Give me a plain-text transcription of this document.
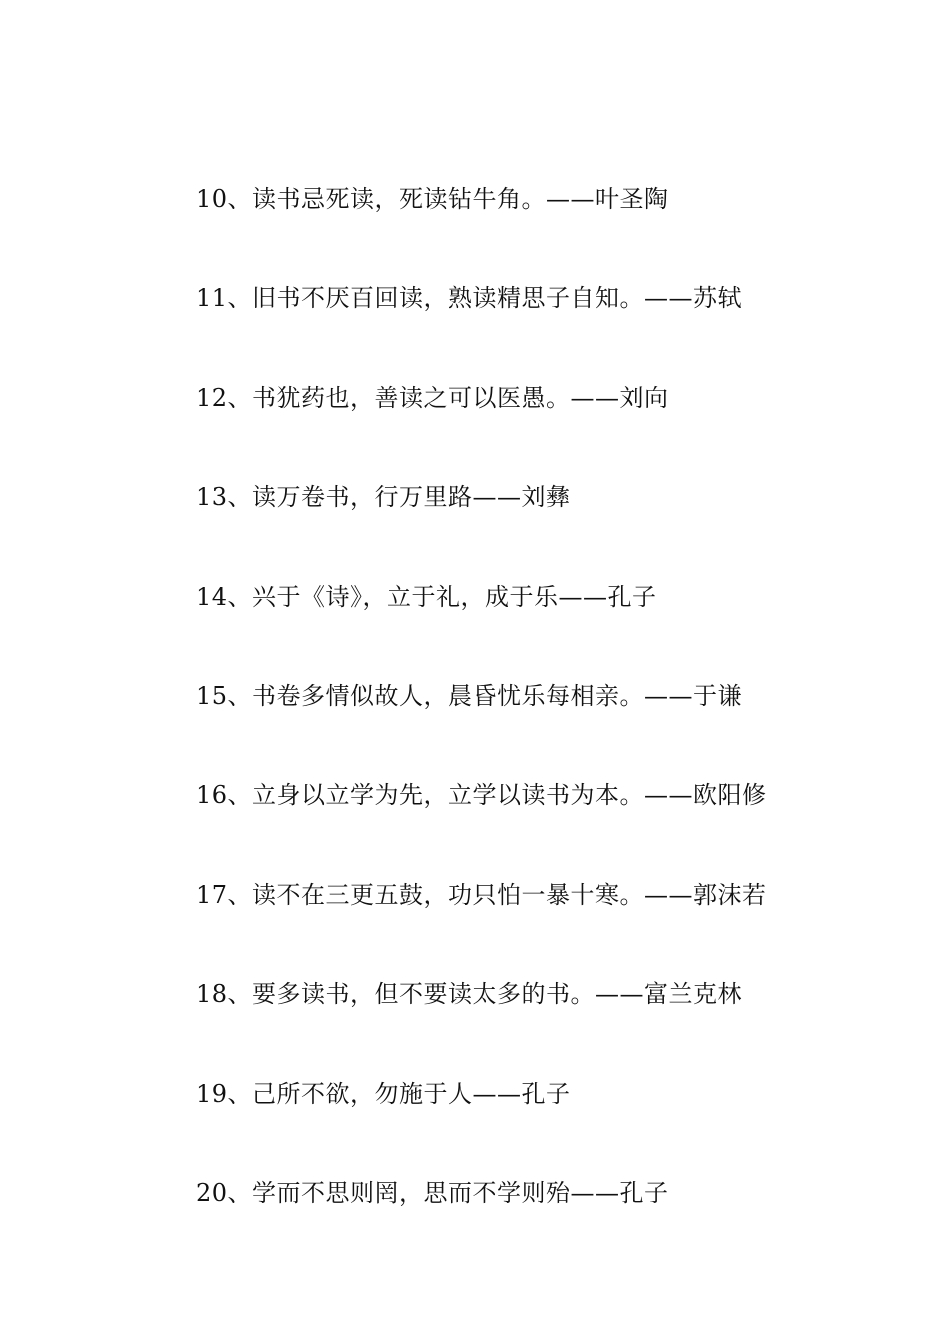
10、读书忌死读，死读钻牛角。——叶圣陶
11、旧书不厌百回读，熟读精思子自知。——苏轼
12、书犹药也，善读之可以医愚。——刘向
13、读万卷书，行万里路——刘彝
14、兴于《诗》，立于礼，成于乐——孔子
15、书卷多情似故人，晨昏忧乐每相亲。——于谦
16、立身以立学为先，立学以读书为本。——欧阳修
17、读不在三更五鼓，功只怕一暴十寒。——郭沫若
18、要多读书，但不要读太多的书。——富兰克林
19、己所不欲，勿施于人——孔子
20、学而不思则罔，思而不学则殆——孔子
